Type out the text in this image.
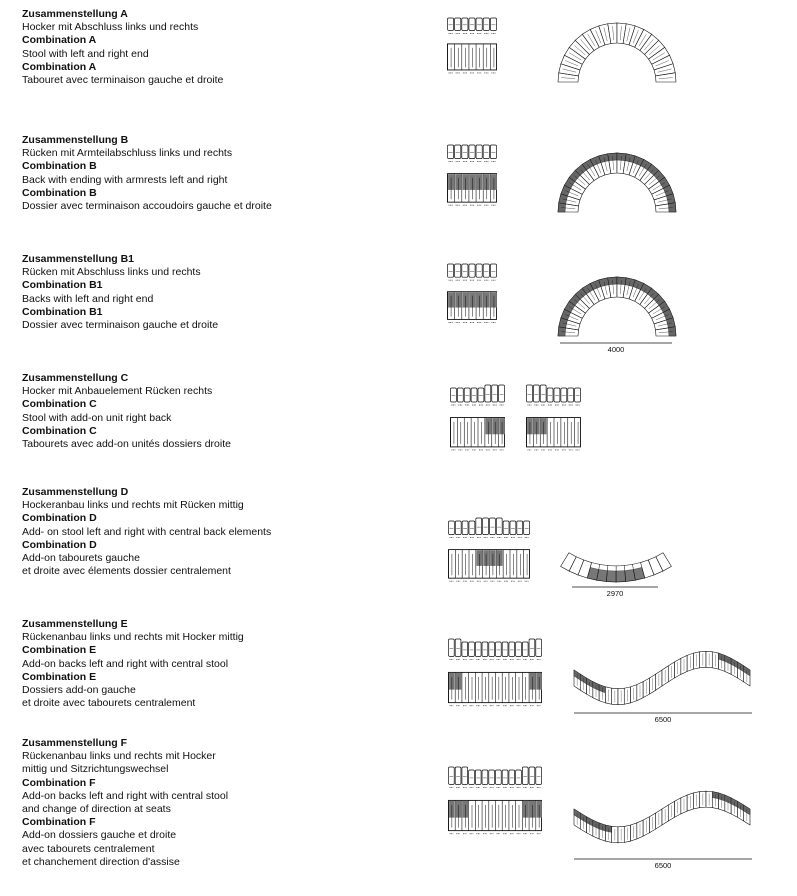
Zusammenstellung A
Hocker mit Abschluss links und rechts
Combination A
Stool with left and right end
Combination A
Tabouret avec terminaison gauche et droite
Zusammenstellung B
Rücken mit Armteilabschluss links und rechts
Combination B
Back with ending with armrests left and right
Combination B
Dossier avec terminaison accoudoirs gauche et droite
Zusammenstellung B1
Rücken mit Abschluss links und rechts
Combination B1
Backs with left and right end
Combination B1
Dossier avec terminaison gauche et droite
Zusammenstellung C
Hocker mit Anbauelement Rücken rechts
Combination C
Stool with add-on unit right back
Combination C
Tabourets avec add-on unités dossiers droite
Zusammenstellung D
Hockeranbau links und rechts mit Rücken mittig
Combination D
Add- on stool left and right with central back elements
Combination D
Add-on tabourets gauche
et droite avec élements dossier centralement
Zusammenstellung E
Rückenanbau links und rechts mit Hocker mittig
Combination E
Add-on backs left and right with central stool
Combination E
Dossiers add-on gauche
et droite avec tabourets centralement
Zusammenstellung F
Rückenanbau links und rechts mit Hocker
mittig und Sitzrichtungswechsel
Combination F
Add-on backs left and right with central stool
and change of direction at seats
Combination F
Add-on dossiers gauche et droite
avec tabourets centralement
et chanchement direction d'assise
4000
2970
6500
6500
